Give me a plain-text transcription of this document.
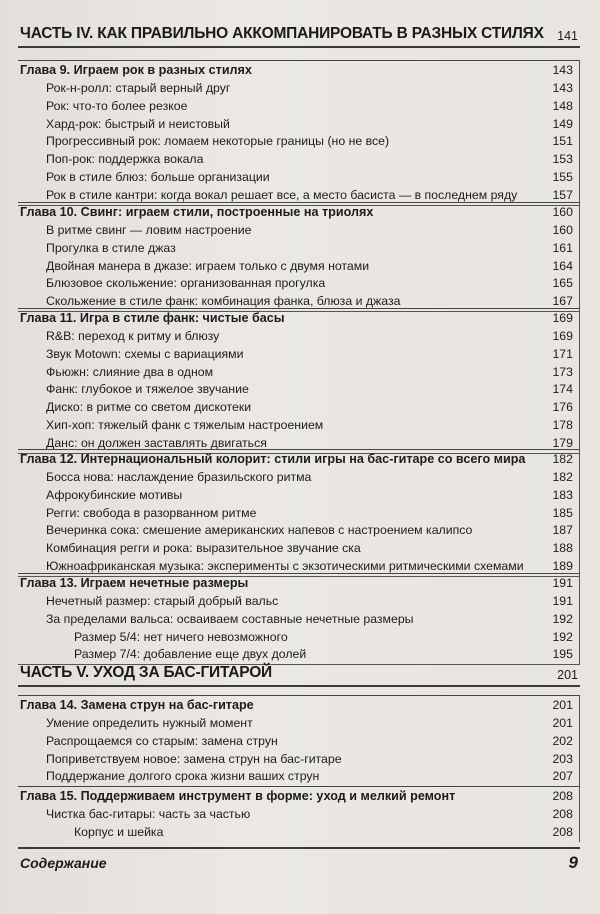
ЧАСТЬ IV. КАК ПРАВИЛЬНО АККОМПАНИРОВАТЬ В РАЗНЫХ СТИЛЯХ 141
Глава 9. Играем рок в разных стилях	143
Рок-н-ролл: старый верный друг	143
Рок: что-то более резкое	148
Хард-рок: быстрый и неистовый	149
Прогрессивный рок: ломаем некоторые границы (но не все)	151
Поп-рок: поддержка вокала	153
Рок в стиле блюз: больше организации	155
Рок в стиле кантри: когда вокал решает все, а место басиста — в последнем ряду	157
Глава 10. Свинг: играем стили, построенные на триолях	160
В ритме свинг — ловим настроение	160
Прогулка в стиле джаз	161
Двойная манера в джазе: играем только с двумя нотами	164
Блюзовое скольжение: организованная прогулка	165
Скольжение в стиле фанк: комбинация фанка, блюза и джаза	167
Глава 11. Игра в стиле фанк: чистые басы	169
R&B: переход к ритму и блюзу	169
Звук Motown: схемы с вариациями	171
Фьюжн: слияние два в одном	173
Фанк: глубокое и тяжелое звучание	174
Диско: в ритме со светом дискотеки	176
Хип-хоп: тяжелый фанк с тяжелым настроением	178
Данс: он должен заставлять двигаться	179
Глава 12. Интернациональный колорит: стили игры на бас-гитаре со всего мира 182
Босса нова: наслаждение бразильского ритма	182
Афрокубинские мотивы	183
Регги: свобода в разорванном ритме	185
Вечеринка сока: смешение американских напевов с настроением калипсо	187
Комбинация регги и рока: выразительное звучание ска	188
Южноафриканская музыка: эксперименты с экзотическими ритмическими схемами 189
Глава 13. Играем нечетные размеры	191
Нечетный размер: старый добрый вальс	191
За пределами вальса: осваиваем составные нечетные размеры	192
Размер 5/4: нет ничего невозможного	192
Размер 7/4: добавление еще двух долей	195
ЧАСТЬ V. УХОД ЗА БАС-ГИТАРОЙ	201
Глава 14. Замена струн на бас-гитаре	201
Умение определить нужный момент	201
Распрощаемся со старым: замена струн	202
Поприветствуем новое: замена струн на бас-гитаре	203
Поддержание долгого срока жизни ваших струн	207
Глава 15. Поддерживаем инструмент в форме: уход и мелкий ремонт	208
Чистка бас-гитары: часть за частью	208
Корпус и шейка	208
Содержание	9
